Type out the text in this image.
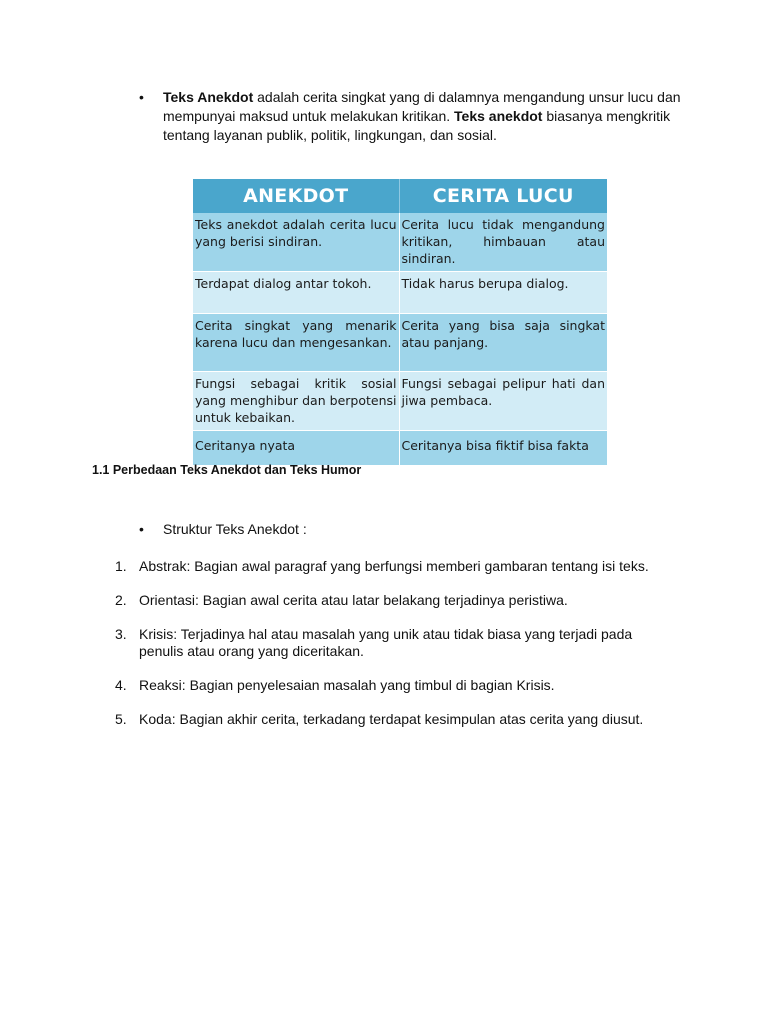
• Teks Anekdot adalah cerita singkat yang di dalamnya mengandung unsur lucu dan mempunyai maksud untuk melakukan kritikan. Teks anekdot biasanya mengkritik tentang layanan publik, politik, lingkungan, dan sosial.
ANEKDOT	CERITA LUCU
Teks anekdot adalah cerita lucu yang berisi sindiran.	Cerita lucu tidak mengandung kritikan, himbauan atau sindiran.
Terdapat dialog antar tokoh.	Tidak harus berupa dialog.
Cerita singkat yang menarik karena lucu dan mengesankan.	Cerita yang bisa saja singkat atau panjang.
Fungsi sebagai kritik sosial yang menghibur dan berpotensi untuk kebaikan.	Fungsi sebagai pelipur hati dan jiwa pembaca.
Ceritanya nyata	Ceritanya bisa fiktif bisa fakta
1.1 Perbedaan Teks Anekdot dan Teks Humor
• Struktur Teks Anekdot :
1. Abstrak: Bagian awal paragraf yang berfungsi memberi gambaran tentang isi teks.
2. Orientasi: Bagian awal cerita atau latar belakang terjadinya peristiwa.
3. Krisis: Terjadinya hal atau masalah yang unik atau tidak biasa yang terjadi pada penulis atau orang yang diceritakan.
4. Reaksi: Bagian penyelesaian masalah yang timbul di bagian Krisis.
5. Koda: Bagian akhir cerita, terkadang terdapat kesimpulan atas cerita yang diusut.
